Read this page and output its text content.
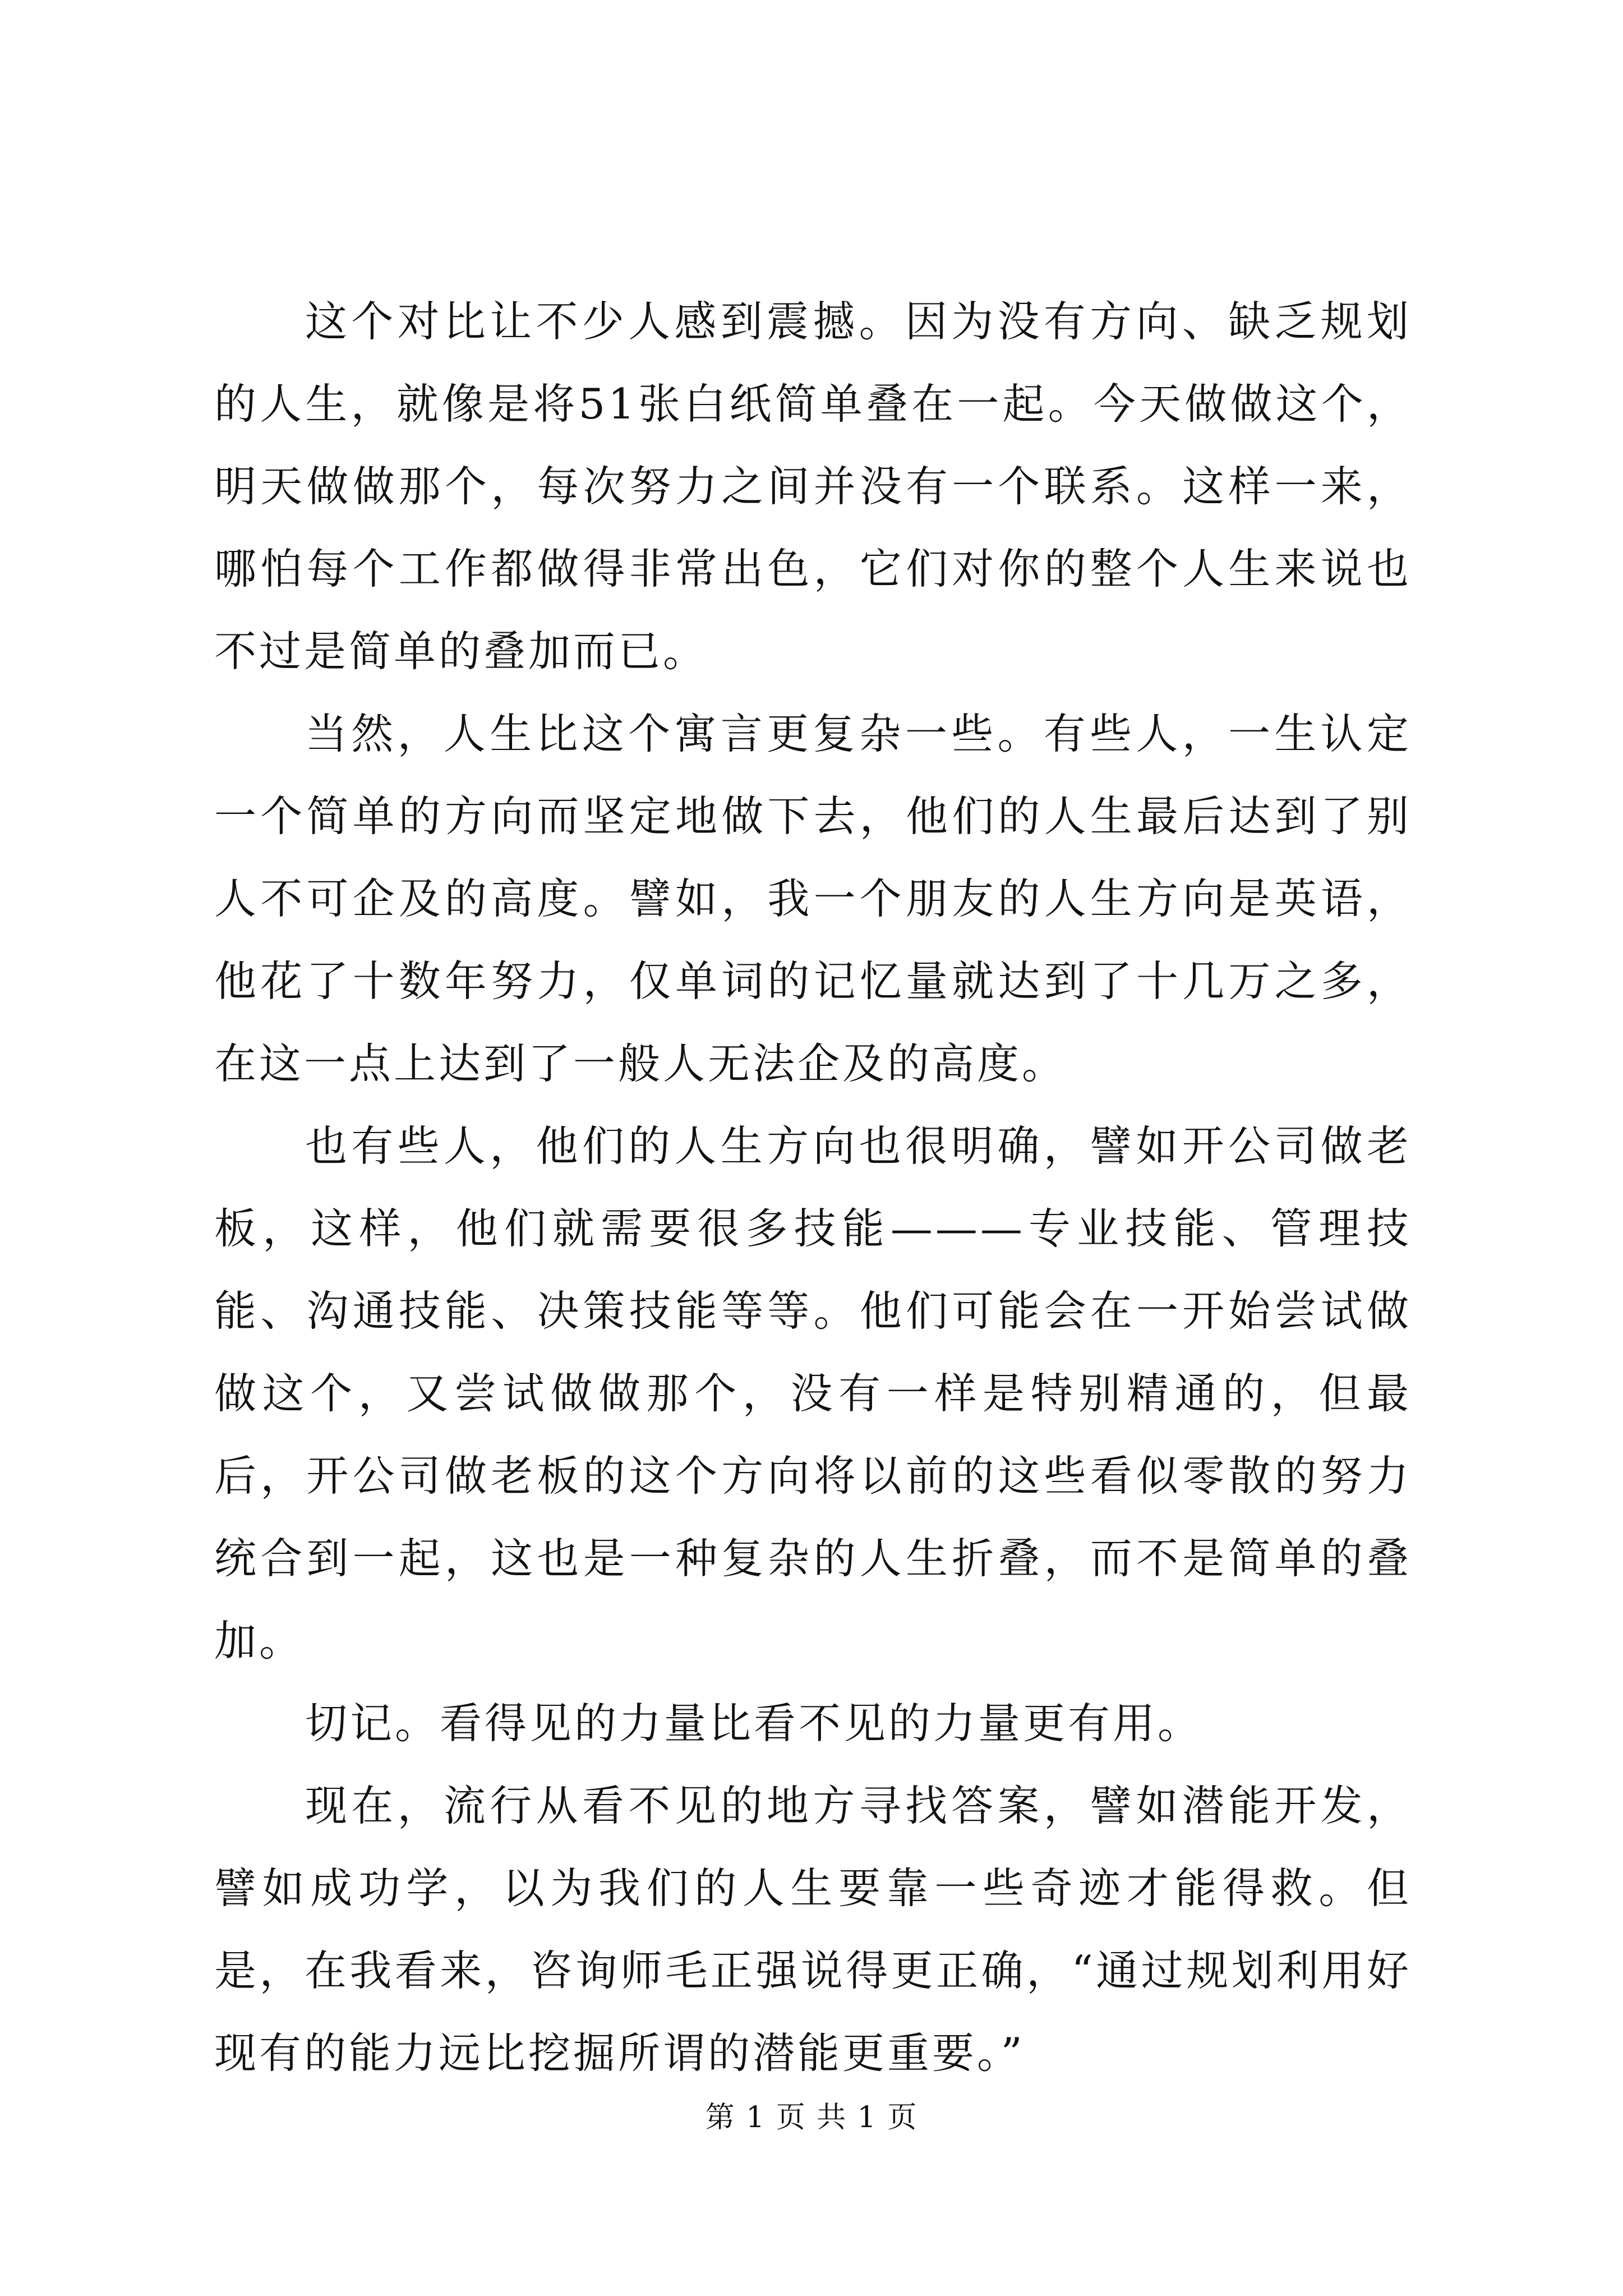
这个对比让不少人感到震撼。因为没有方向、缺乏规划的人生，就像是将51张白纸简单叠在一起。今天做做这个，明天做做那个，每次努力之间并没有一个联系。这样一来，哪怕每个工作都做得非常出色，它们对你的整个人生来说也不过是简单的叠加而已。

当然，人生比这个寓言更复杂一些。有些人，一生认定一个简单的方向而坚定地做下去，他们的人生最后达到了别人不可企及的高度。譬如，我一个朋友的人生方向是英语，他花了十数年努力，仅单词的记忆量就达到了十几万之多，在这一点上达到了一般人无法企及的高度。

也有些人，他们的人生方向也很明确，譬如开公司做老板，这样，他们就需要很多技能———专业技能、管理技能、沟通技能、决策技能等等。他们可能会在一开始尝试做做这个，又尝试做做那个，没有一样是特别精通的，但最后，开公司做老板的这个方向将以前的这些看似零散的努力统合到一起，这也是一种复杂的人生折叠，而不是简单的叠加。

切记。看得见的力量比看不见的力量更有用。

现在，流行从看不见的地方寻找答案，譬如潜能开发，譬如成功学，以为我们的人生要靠一些奇迹才能得救。但是，在我看来，咨询师毛正强说得更正确，“通过规划利用好现有的能力远比挖掘所谓的潜能更重要。”

第 1 页 共 1 页
